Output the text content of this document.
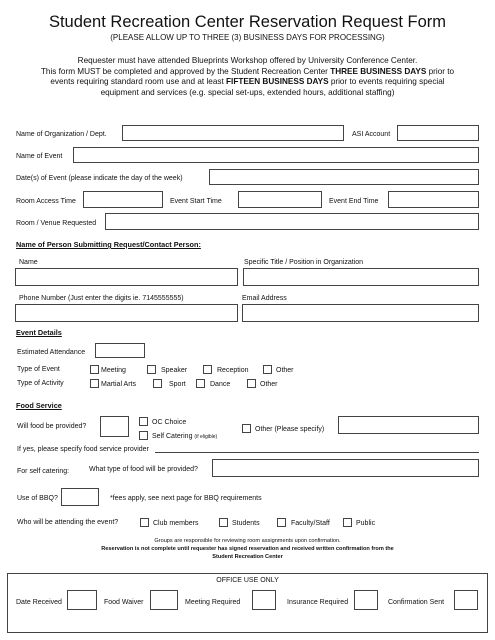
Student Recreation Center Reservation Request Form
(PLEASE ALLOW UP TO THREE (3) BUSINESS DAYS FOR PROCESSING)
Requester must have attended Blueprints Workshop offered by University Conference Center.
This form MUST be completed and approved by the Student Recreation Center THREE BUSINESS DAYS prior to
events requiring standard room use and at least FIFTEEN BUSINESS DAYS prior to events requiring special
equipment and services (e.g. special set-ups, extended hours, additional staffing)
Name of Organization / Dept.	ASI Account
Name of Event
Date(s) of Event (please indicate the day of the week)
Room Access Time	Event Start Time	Event End Time
Room / Venue Requested
Name of Person Submitting Request/Contact Person:
Name	Specific Title / Position in Organization
Phone Number (Just enter the digits ie. 7145555555)	Email Address
Event Details
Estimated Attendance
Type of Event	Meeting	Speaker	Reception	Other
Type of Activity	Martial Arts	Sport	Dance	Other
Food Service
Will food be provided?
OC Choice
Self Catering (if eligible)
Other (Please specify)
If yes, please specify food service provider
For self catering:	What type of food will be provided?
Use of BBQ?	*fees apply, see next page for BBQ requirements
Who will be attending the event?	Club members	Students	Faculty/Staff	Public
Groups are responsible for reviewing room assignments upon confirmation.
Reservation is not complete until requester has signed reservation and received written confirmation from the
Student Recreation Center
OFFICE USE ONLY
Date Received	Food Waiver	Meeting Required	Insurance Required	Confirmation Sent
